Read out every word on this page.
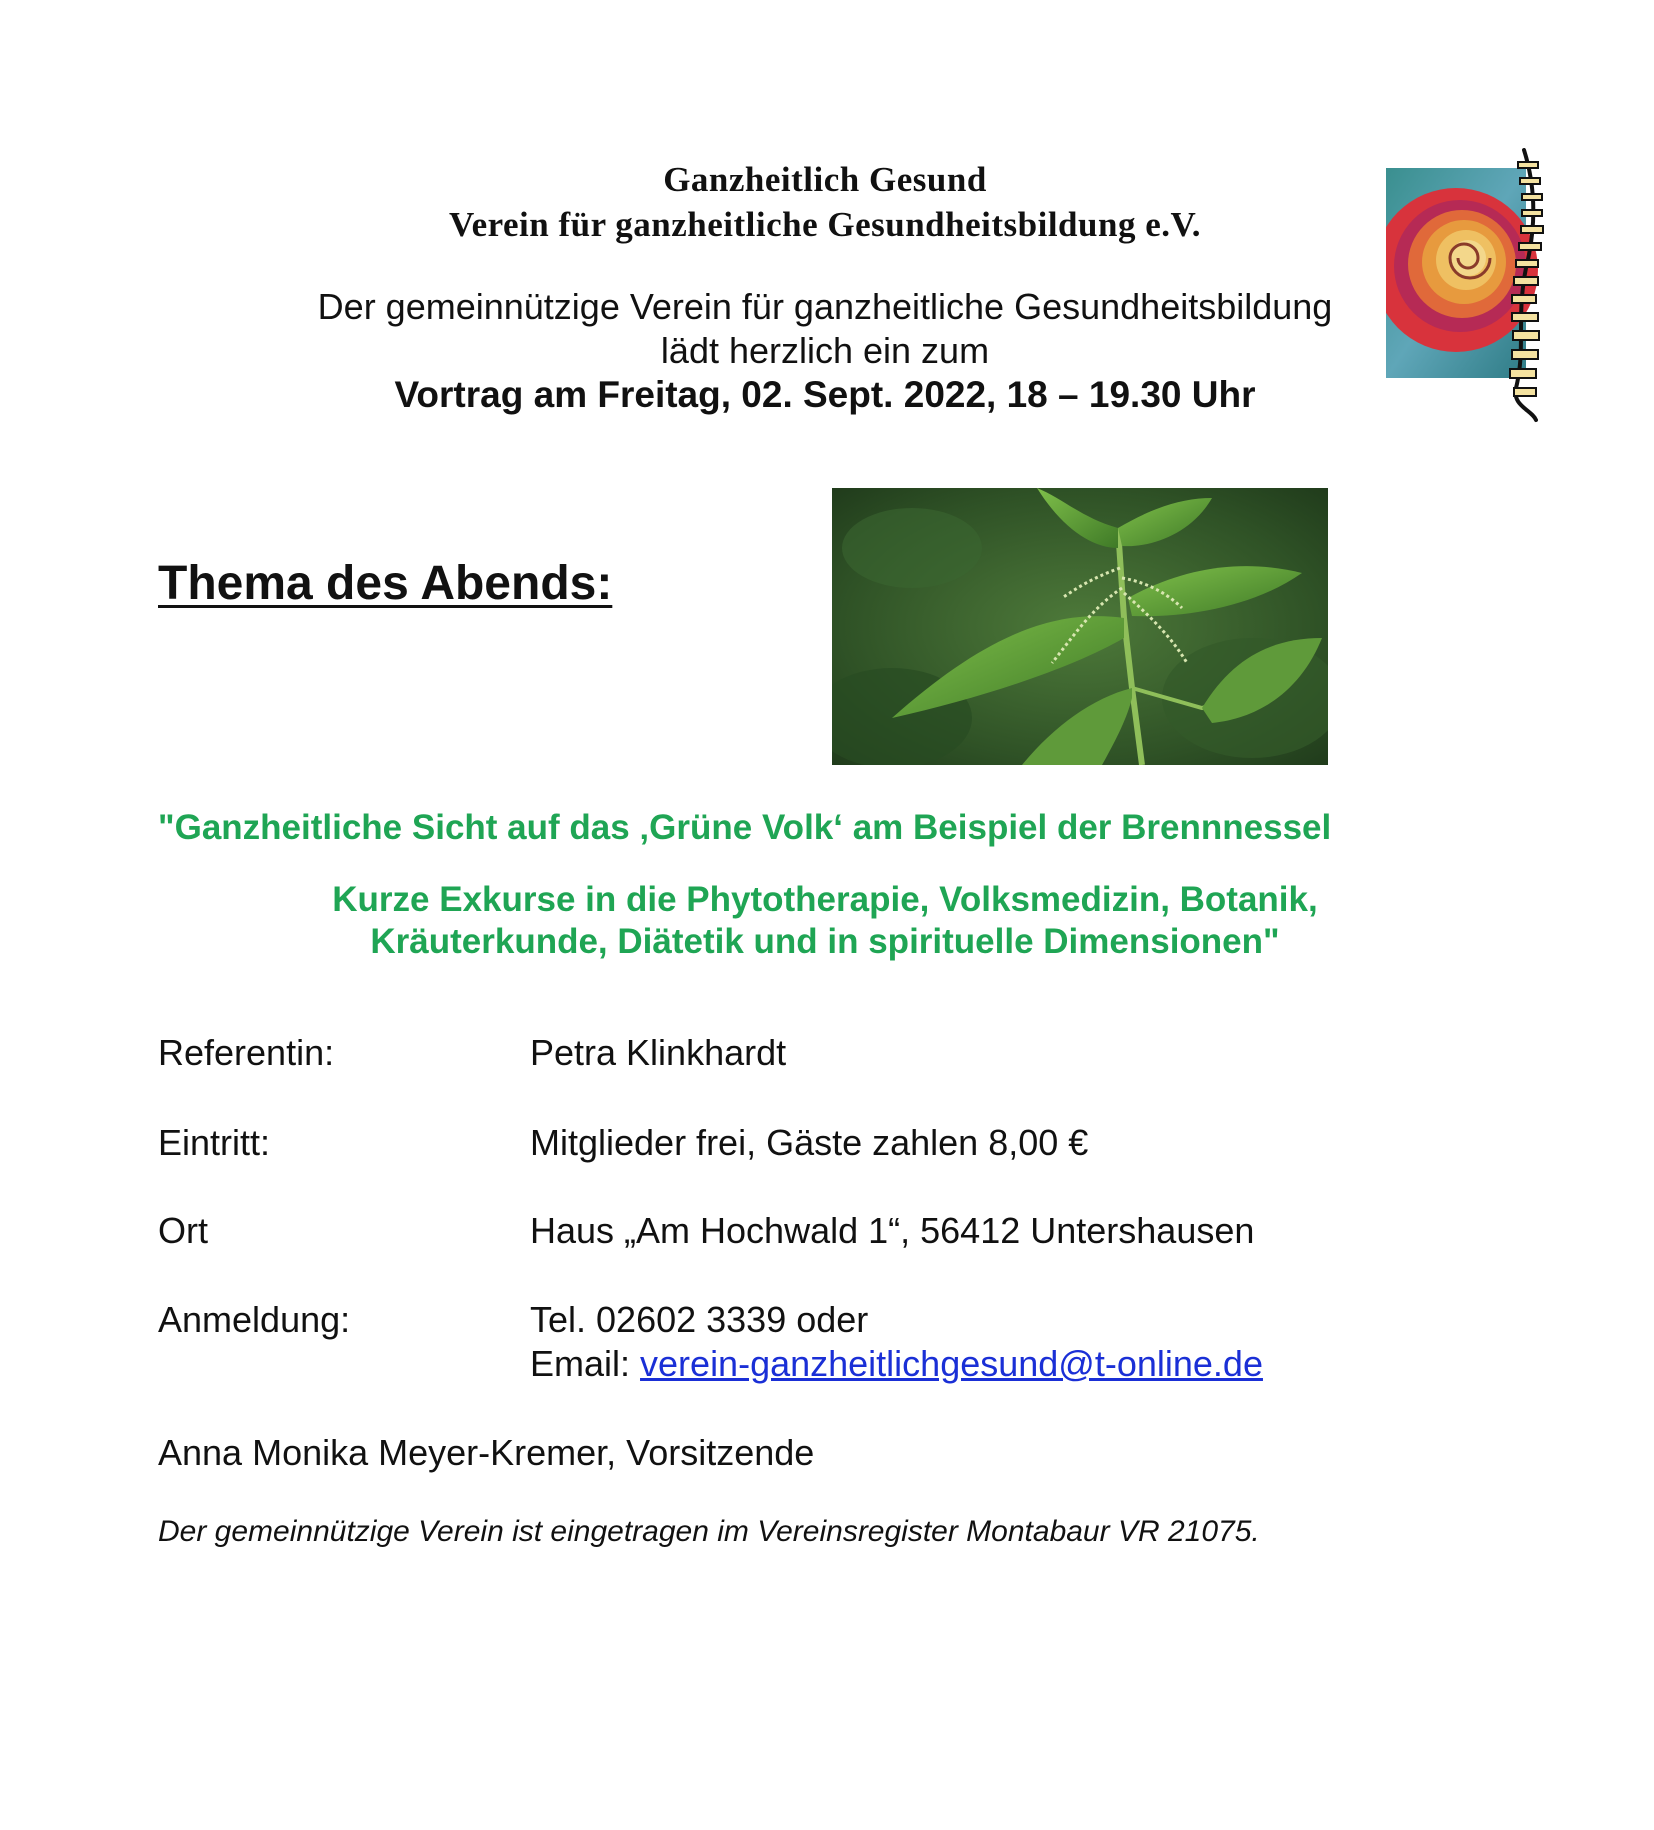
Ganzheitlich Gesund
Verein für ganzheitliche Gesundheitsbildung e.V.
Der gemeinnützige Verein für ganzheitliche Gesundheitsbildung
lädt herzlich ein zum
Vortrag am Freitag, 02. Sept. 2022, 18 – 19.30 Uhr
Thema des Abends:
"Ganzheitliche Sicht auf das ‚Grüne Volk‘ am Beispiel der Brennnessel
Kurze Exkurse in die Phytotherapie, Volksmedizin, Botanik,
Kräuterkunde, Diätetik und in spirituelle Dimensionen"
Referentin:	Petra Klinkhardt
Eintritt:	Mitglieder frei, Gäste zahlen 8,00 €
Ort	Haus „Am Hochwald 1“, 56412 Untershausen
Anmeldung:	Tel. 02602 3339 oder
Email: verein-ganzheitlichgesund@t-online.de
Anna Monika Meyer-Kremer, Vorsitzende
Der gemeinnützige Verein ist eingetragen im Vereinsregister Montabaur VR 21075.
